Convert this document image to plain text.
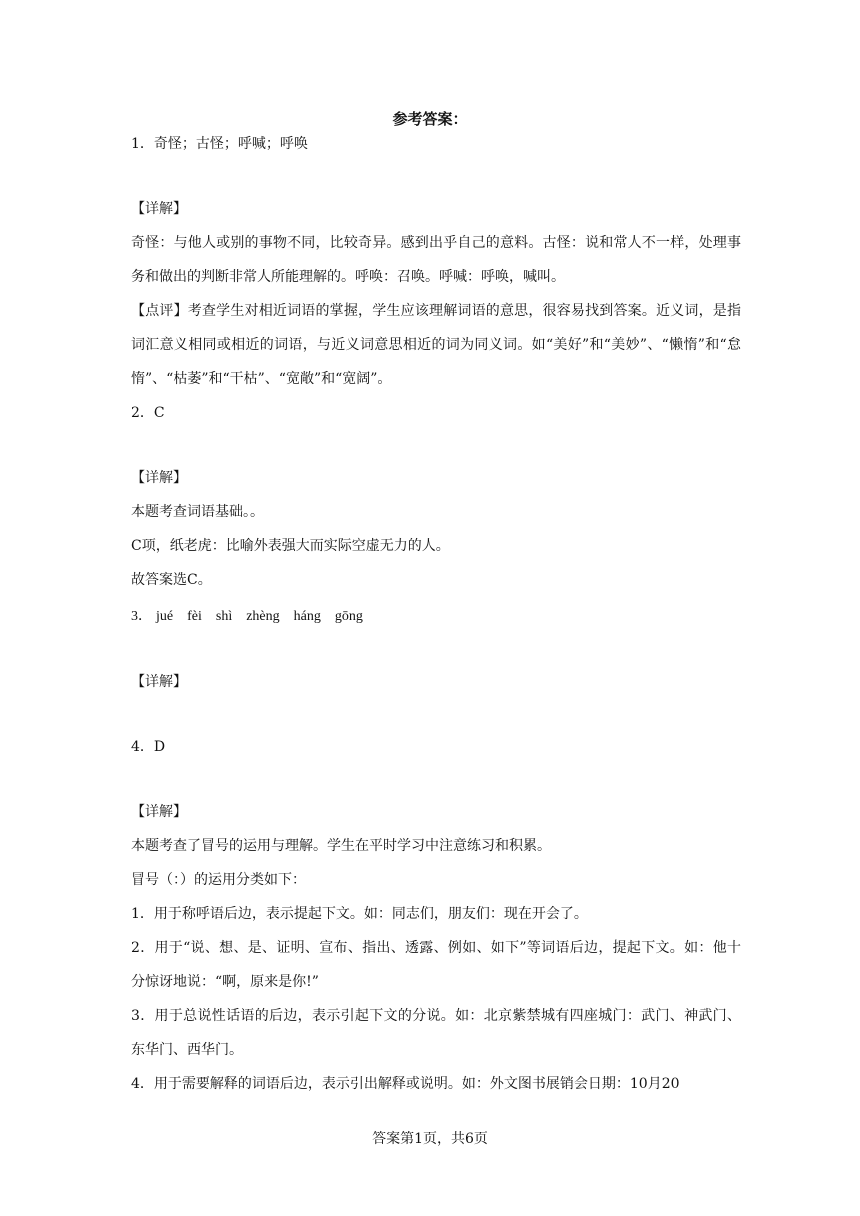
参考答案：
1．奇怪；古怪；呼喊；呼唤
【详解】

奇怪：与他人或别的事物不同，比较奇异。感到出乎自己的意料。古怪：说和常人不一样，处理事务和做出的判断非常人所能理解的。呼唤：召唤。呼喊：呼唤，喊叫。

【点评】考查学生对相近词语的掌握，学生应该理解词语的意思，很容易找到答案。近义词，是指词汇意义相同或相近的词语，与近义词意思相近的词为同义词。如“美好”和“美妙”、“懒惰”和“怠惰”、“枯萎”和“干枯”、“宽敞”和“宽阔”。

2．C
【详解】

本题考查词语基础。。

C项，纸老虎：比喻外表强大而实际空虚无力的人。

故答案选C。

3． jué fèi shì zhèng háng gōng
【详解】
4．D
【详解】

本题考查了冒号的运用与理解。学生在平时学习中注意练习和积累。

冒号（：）的运用分类如下：

1．用于称呼语后边，表示提起下文。如：同志们，朋友们：现在开会了。

2．用于“说、想、是、证明、宣布、指出、透露、例如、如下”等词语后边，提起下文。如：他十分惊讶地说：“啊，原来是你!”

3．用于总说性话语的后边，表示引起下文的分说。如：北京紫禁城有四座城门：武门、神武门、东华门、西华门。

4．用于需要解释的词语后边，表示引出解释或说明。如：外文图书展销会日期：10月20

答案第1页，共6页
